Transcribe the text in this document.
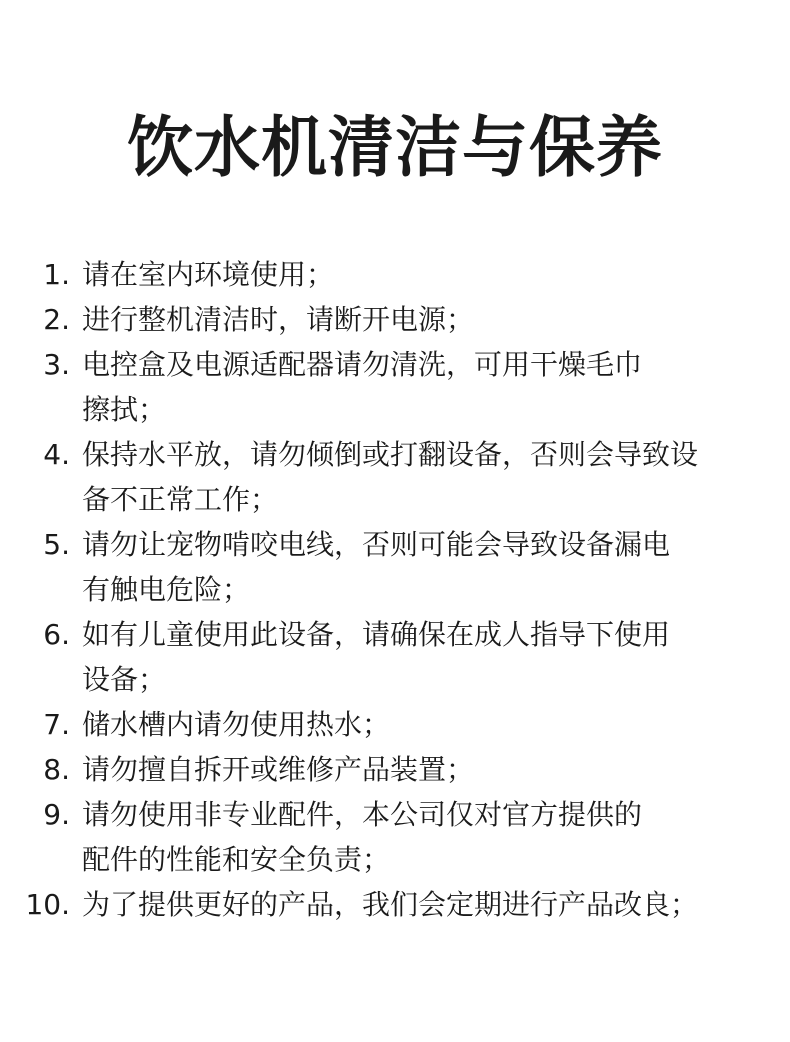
饮水机清洁与保养
1. 请在室内环境使用；
2. 进行整机清洁时，请断开电源；
3. 电控盒及电源适配器请勿清洗，可用干燥毛巾
擦拭；
4. 保持水平放，请勿倾倒或打翻设备，否则会导致设
备不正常工作；
5. 请勿让宠物啃咬电线，否则可能会导致设备漏电
有触电危险；
6. 如有儿童使用此设备，请确保在成人指导下使用
设备；
7. 储水槽内请勿使用热水；
8. 请勿擅自拆开或维修产品装置；
9. 请勿使用非专业配件，本公司仅对官方提供的
配件的性能和安全负责；
10. 为了提供更好的产品，我们会定期进行产品改良；
